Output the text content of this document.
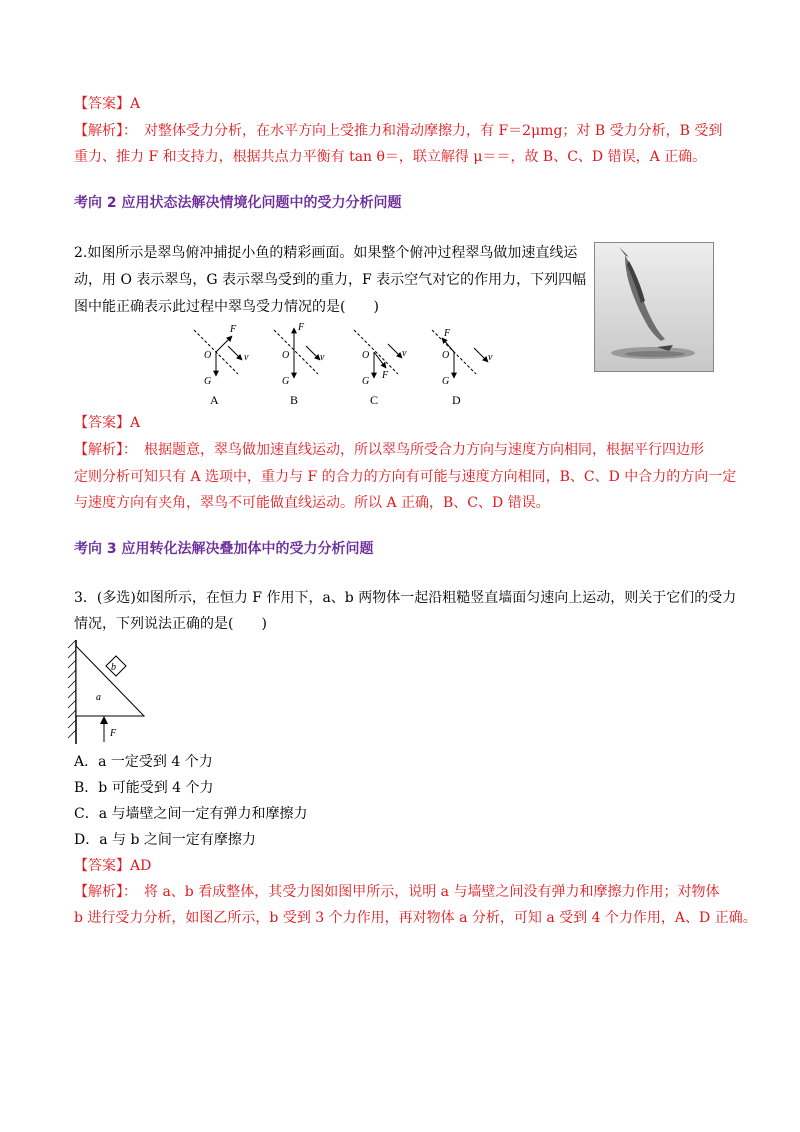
【答案】A
【解析】：　对整体受力分析，在水平方向上受推力和滑动摩擦力，有 F＝2μmg；对 B 受力分析，B 受到
重力、推力 F 和支持力，根据共点力平衡有 tan θ＝，联立解得 μ＝＝，故 B、C、D 错误，A 正确。
考向 2 应用状态法解决情境化问题中的受力分析问题
2.如图所示是翠鸟俯冲捕捉小鱼的精彩画面。如果整个俯冲过程翠鸟做加速直线运
动，用 O 表示翠鸟，G 表示翠鸟受到的重力，F 表示空气对它的作用力，下列四幅
图中能正确表示此过程中翠鸟受力情况的是(　　)
F
O	v
G
F
O	v
G
F
O	v
G
F
O	v
G
A	B	C	D
【答案】A
【解析】：　根据题意，翠鸟做加速直线运动，所以翠鸟所受合力方向与速度方向相同，根据平行四边形
定则分析可知只有 A 选项中，重力与 F 的合力的方向有可能与速度方向相同，B、C、D 中合力的方向一定
与速度方向有夹角，翠鸟不可能做直线运动。所以 A 正确，B、C、D 错误。
考向 3 应用转化法解决叠加体中的受力分析问题
3．(多选)如图所示，在恒力 F 作用下，a、b 两物体一起沿粗糙竖直墙面匀速向上运动，则关于它们的受力
情况，下列说法正确的是(　　)
b
a
F
A．a 一定受到 4 个力
B．b 可能受到 4 个力
C．a 与墙壁之间一定有弹力和摩擦力
D．a 与 b 之间一定有摩擦力
【答案】AD
【解析】：　将 a、b 看成整体，其受力图如图甲所示，说明 a 与墙壁之间没有弹力和摩擦力作用；对物体
b 进行受力分析，如图乙所示，b 受到 3 个力作用，再对物体 a 分析，可知 a 受到 4 个力作用，A、D 正确。
